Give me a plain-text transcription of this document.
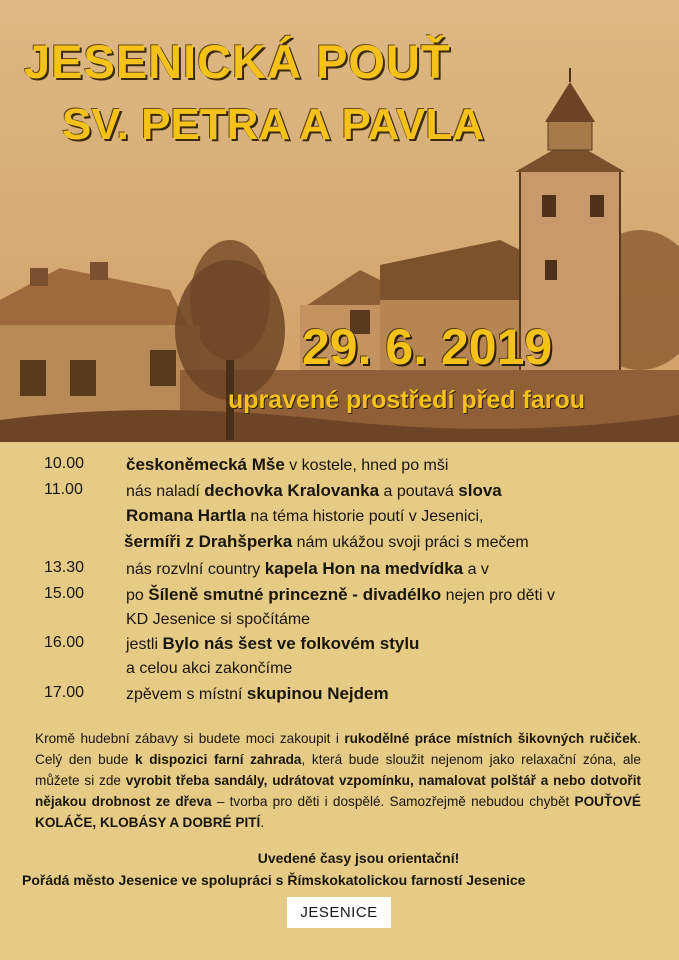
JESENICKÁ POUŤ
SV. PETRA A PAVLA
29. 6. 2019
upravené prostředí před farou
10.00 českoněmecká Mše v kostele, hned po mši
11.00	nás naladí dechovka Kralovanka a poutavá slova
Romana Hartla na téma historie poutí v Jesenici,
šermíři z Drahšperka nám ukážou svoji práci s mečem
13.30	nás rozvlní country kapela Hon na medvídka a v
15.00	po Šíleně smutné princezně - divadélko nejen pro děti v
KD Jesenice si spočítáme
16.00	jestli Bylo nás šest ve folkovém stylu
a celou akci zakončíme
17.00	zpěvem s místní skupinou Nejdem
Kromě hudební zábavy si budete moci zakoupit i rukodělné práce místních šikovných ručiček. Celý den bude k dispozici farní zahrada, která bude sloužit nejenom jako relaxační zóna, ale můžete si zde vyrobit třeba sandály, udrátovat vzpomínku, namalovat polštář a nebo dotvořit nějakou drobnost ze dřeva – tvorba pro děti i dospělé. Samozřejmě nebudou chybět POUŤOVÉ KOLÁČE, KLOBÁSY A DOBRÉ PITÍ.
Uvedené časy jsou orientační!
Pořádá město Jesenice ve spolupráci s Římskokatolickou farností Jesenice
JESENICE
